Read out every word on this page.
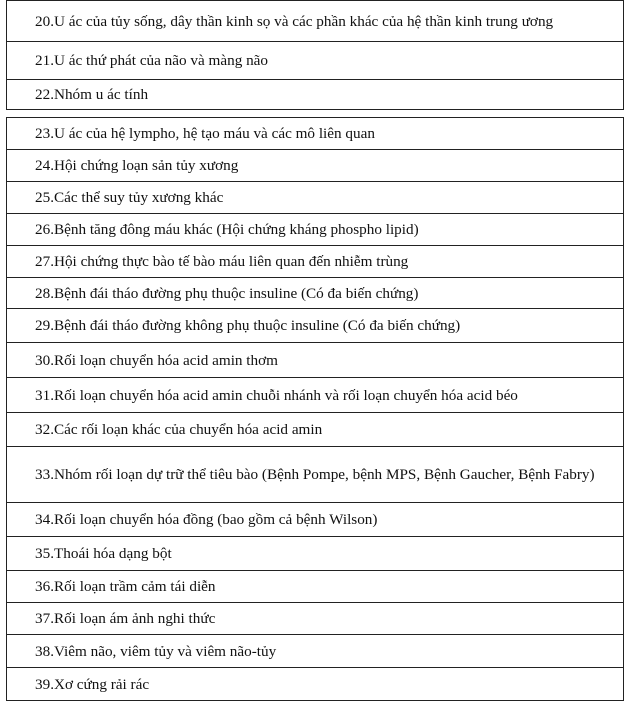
20.U ác của tủy sống, dây thần kinh sọ và các phần khác của hệ thần kinh trung ương
21.U ác thứ phát của não và màng não
22.Nhóm u ác tính
23.U ác của hệ lympho, hệ tạo máu và các mô liên quan
24.Hội chứng loạn sản tủy xương
25.Các thể suy tủy xương khác
26.Bệnh tăng đông máu khác (Hội chứng kháng phospho lipid)
27.Hội chứng thực bào tế bào máu liên quan đến nhiễm trùng
28.Bệnh đái tháo đường phụ thuộc insuline (Có đa biến chứng)
29.Bệnh đái tháo đường không phụ thuộc insuline (Có đa biến chứng)
30.Rối loạn chuyển hóa acid amin thơm
31.Rối loạn chuyển hóa acid amin chuỗi nhánh và rối loạn chuyển hóa acid béo
32.Các rối loạn khác của chuyển hóa acid amin
33.Nhóm rối loạn dự trữ thể tiêu bào (Bệnh Pompe, bệnh MPS, Bệnh Gaucher, Bệnh Fabry)
34.Rối loạn chuyển hóa đồng (bao gồm cả bệnh Wilson)
35.Thoái hóa dạng bột
36.Rối loạn trầm cảm tái diễn
37.Rối loạn ám ảnh nghi thức
38.Viêm não, viêm tủy và viêm não-tủy
39.Xơ cứng rải rác
